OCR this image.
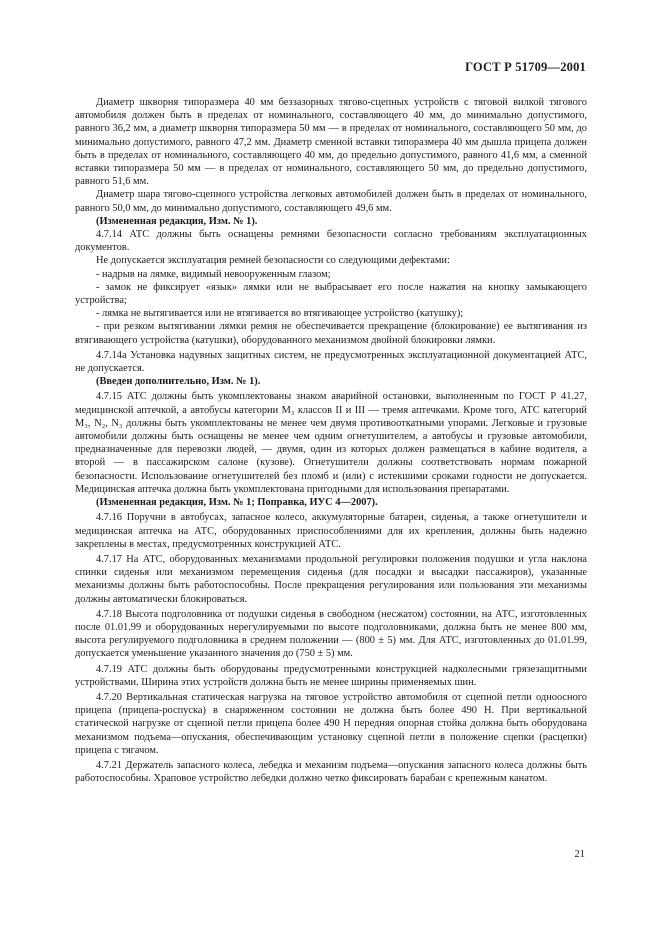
ГОСТ Р 51709—2001

Диаметр шкворня типоразмера 40 мм беззазорных тягово-сцепных устройств с тяговой вилкой тягового автомобиля должен быть в пределах от номинального, составляющего 40 мм, до минимально допустимого, равного 36,2 мм, а диаметр шкворня типоразмера 50 мм — в пределах от номинального, составляющего 50 мм, до минимально допустимого, равного 47,2 мм. Диаметр сменной вставки типоразмера 40 мм дышла прицепа должен быть в пределах от номинального, составляющего 40 мм, до предельно допустимого, равного 41,6 мм, а сменной вставки типоразмера 50 мм — в пределах от номинального, составляющего 50 мм, до предельно допустимого, равного 51,6 мм.

Диаметр шара тягово-сцепного устройства легковых автомобилей должен быть в пределах от номинального, равного 50,0 мм, до минимально допустимого, составляющего 49,6 мм.

(Измененная редакция, Изм. № 1).

4.7.14 АТС должны быть оснащены ремнями безопасности согласно требованиям эксплуатационных документов.

Не допускается эксплуатация ремней безопасности со следующими дефектами:

- надрыв на лямке, видимый невооруженным глазом;

- замок не фиксирует «язык» лямки или не выбрасывает его после нажатия на кнопку замыкающего устройства;

- лямка не вытягивается или не втягивается во втягивающее устройство (катушку);

- при резком вытягивании лямки ремня не обеспечивается прекращение (блокирование) ее вытягивания из втягивающего устройства (катушки), оборудованного механизмом двойной блокировки лямки.

4.7.14а Установка надувных защитных систем, не предусмотренных эксплуатационной документацией АТС, не допускается.

(Введен дополнительно, Изм. № 1).

4.7.15 АТС должны быть укомплектованы знаком аварийной остановки, выполненным по ГОСТ Р 41.27, медицинской аптечкой, а автобусы категории М₃ классов II и III — тремя аптечками. Кроме того, АТС категорий М₃, N₂, N₃ должны быть укомплектованы не менее чем двумя противооткатными упорами. Легковые и грузовые автомобили должны быть оснащены не менее чем одним огнетушителем, а автобусы и грузовые автомобили, предназначенные для перевозки людей, — двумя, один из которых должен размещаться в кабине водителя, а второй — в пассажирском салоне (кузове). Огнетушители должны соответствовать нормам пожарной безопасности. Использование огнетушителей без пломб и (или) с истекшими сроками годности не допускается. Медицинская аптечка должна быть укомплектована пригодными для использования препаратами.

(Измененная редакция, Изм. № 1; Поправка, ИУС 4—2007).

4.7.16 Поручни в автобусах, запасное колесо, аккумуляторные батареи, сиденья, а также огнетушители и медицинская аптечка на АТС, оборудованных приспособлениями для их крепления, должны быть надежно закреплены в местах, предусмотренных конструкцией АТС.

4.7.17 На АТС, оборудованных механизмами продольной регулировки положения подушки и угла наклона спинки сиденья или механизмом перемещения сиденья (для посадки и высадки пассажиров), указанные механизмы должны быть работоспособны. После прекращения регулирования или пользования эти механизмы должны автоматически блокироваться.

4.7.18 Высота подголовника от подушки сиденья в свободном (несжатом) состоянии, на АТС, изготовленных после 01.01.99 и оборудованных нерегулируемыми по высоте подголовниками, должна быть не менее 800 мм, высота регулируемого подголовника в среднем положении — (800 ± 5) мм. Для АТС, изготовленных до 01.01.99, допускается уменьшение указанного значения до (750 ± 5) мм.

4.7.19 АТС должны быть оборудованы предусмотренными конструкцией надколесными грязезащитными устройствами. Ширина этих устройств должна быть не менее ширины применяемых шин.

4.7.20 Вертикальная статическая нагрузка на тяговое устройство автомобиля от сцепной петли одноосного прицепа (прицепа-роспуска) в снаряженном состоянии не должна быть более 490 Н. При вертикальной статической нагрузке от сцепной петли прицепа более 490 Н передняя опорная стойка должна быть оборудована механизмом подъема—опускания, обеспечивающим установку сцепной петли в положение сцепки (расцепки) прицепа с тягачом.

4.7.21 Держатель запасного колеса, лебедка и механизм подъема—опускания запасного колеса должны быть работоспособны. Храповое устройство лебедки должно четко фиксировать барабан с крепежным канатом.

21
